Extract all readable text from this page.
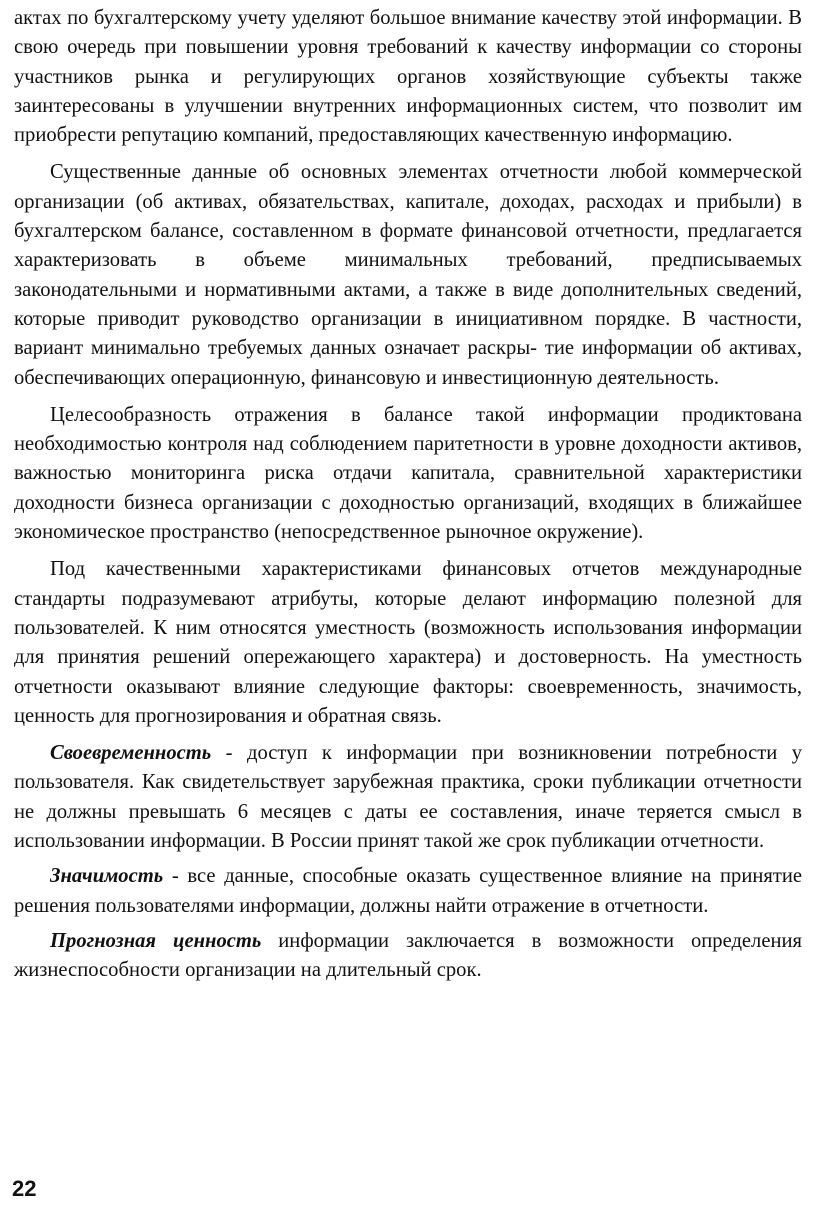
актах по бухгалтерскому учету уделяют большое внимание качеству этой информации. В свою очередь при повышении уровня требований к качеству информации со стороны участников рынка и регулирующих органов хозяйствующие субъекты также заинтересованы в улучшении внутренних информационных систем, что позволит им приобрести репутацию компаний, предоставляющих качественную информацию.

Существенные данные об основных элементах отчетности любой коммерческой организации (об активах, обязательствах, капитале, доходах, расходах и прибыли) в бухгалтерском балансе, составленном в формате финансовой отчетности, предлагается характеризовать в объеме минимальных требований, предписываемых законодательными и нормативными актами, а также в виде дополнительных сведений, которые приводит руководство организации в инициативном порядке. В частности, вариант минимально требуемых данных означает раскры- тие информации об активах, обеспечивающих операционную, финансовую и инвестиционную деятельность.

Целесообразность отражения в балансе такой информации продиктована необходимостью контроля над соблюдением паритетности в уровне доходности активов, важностью мониторинга риска отдачи капитала, сравнительной характеристики доходности бизнеса организации с доходностью организаций, входящих в ближайшее экономическое пространство (непосредственное рыночное окружение).

Под качественными характеристиками финансовых отчетов международные стандарты подразумевают атрибуты, которые делают информацию полезной для пользователей. К ним относятся уместность (возможность использования информации для принятия решений опережающего характера) и достоверность. На уместность отчетности оказывают влияние следующие факторы: своевременность, значимость, ценность для прогнозирования и обратная связь.

Своевременность - доступ к информации при возникновении потребности у пользователя. Как свидетельствует зарубежная практика, сроки публикации отчетности не должны превышать 6 месяцев с даты ее составления, иначе теряется смысл в использовании информации. В России принят такой же срок публикации отчетности.

Значимость - все данные, способные оказать существенное влияние на принятие решения пользователями информации, должны найти отражение в отчетности.

Прогнозная ценность информации заключается в возможности определения жизнеспособности организации на длительный срок.

22
